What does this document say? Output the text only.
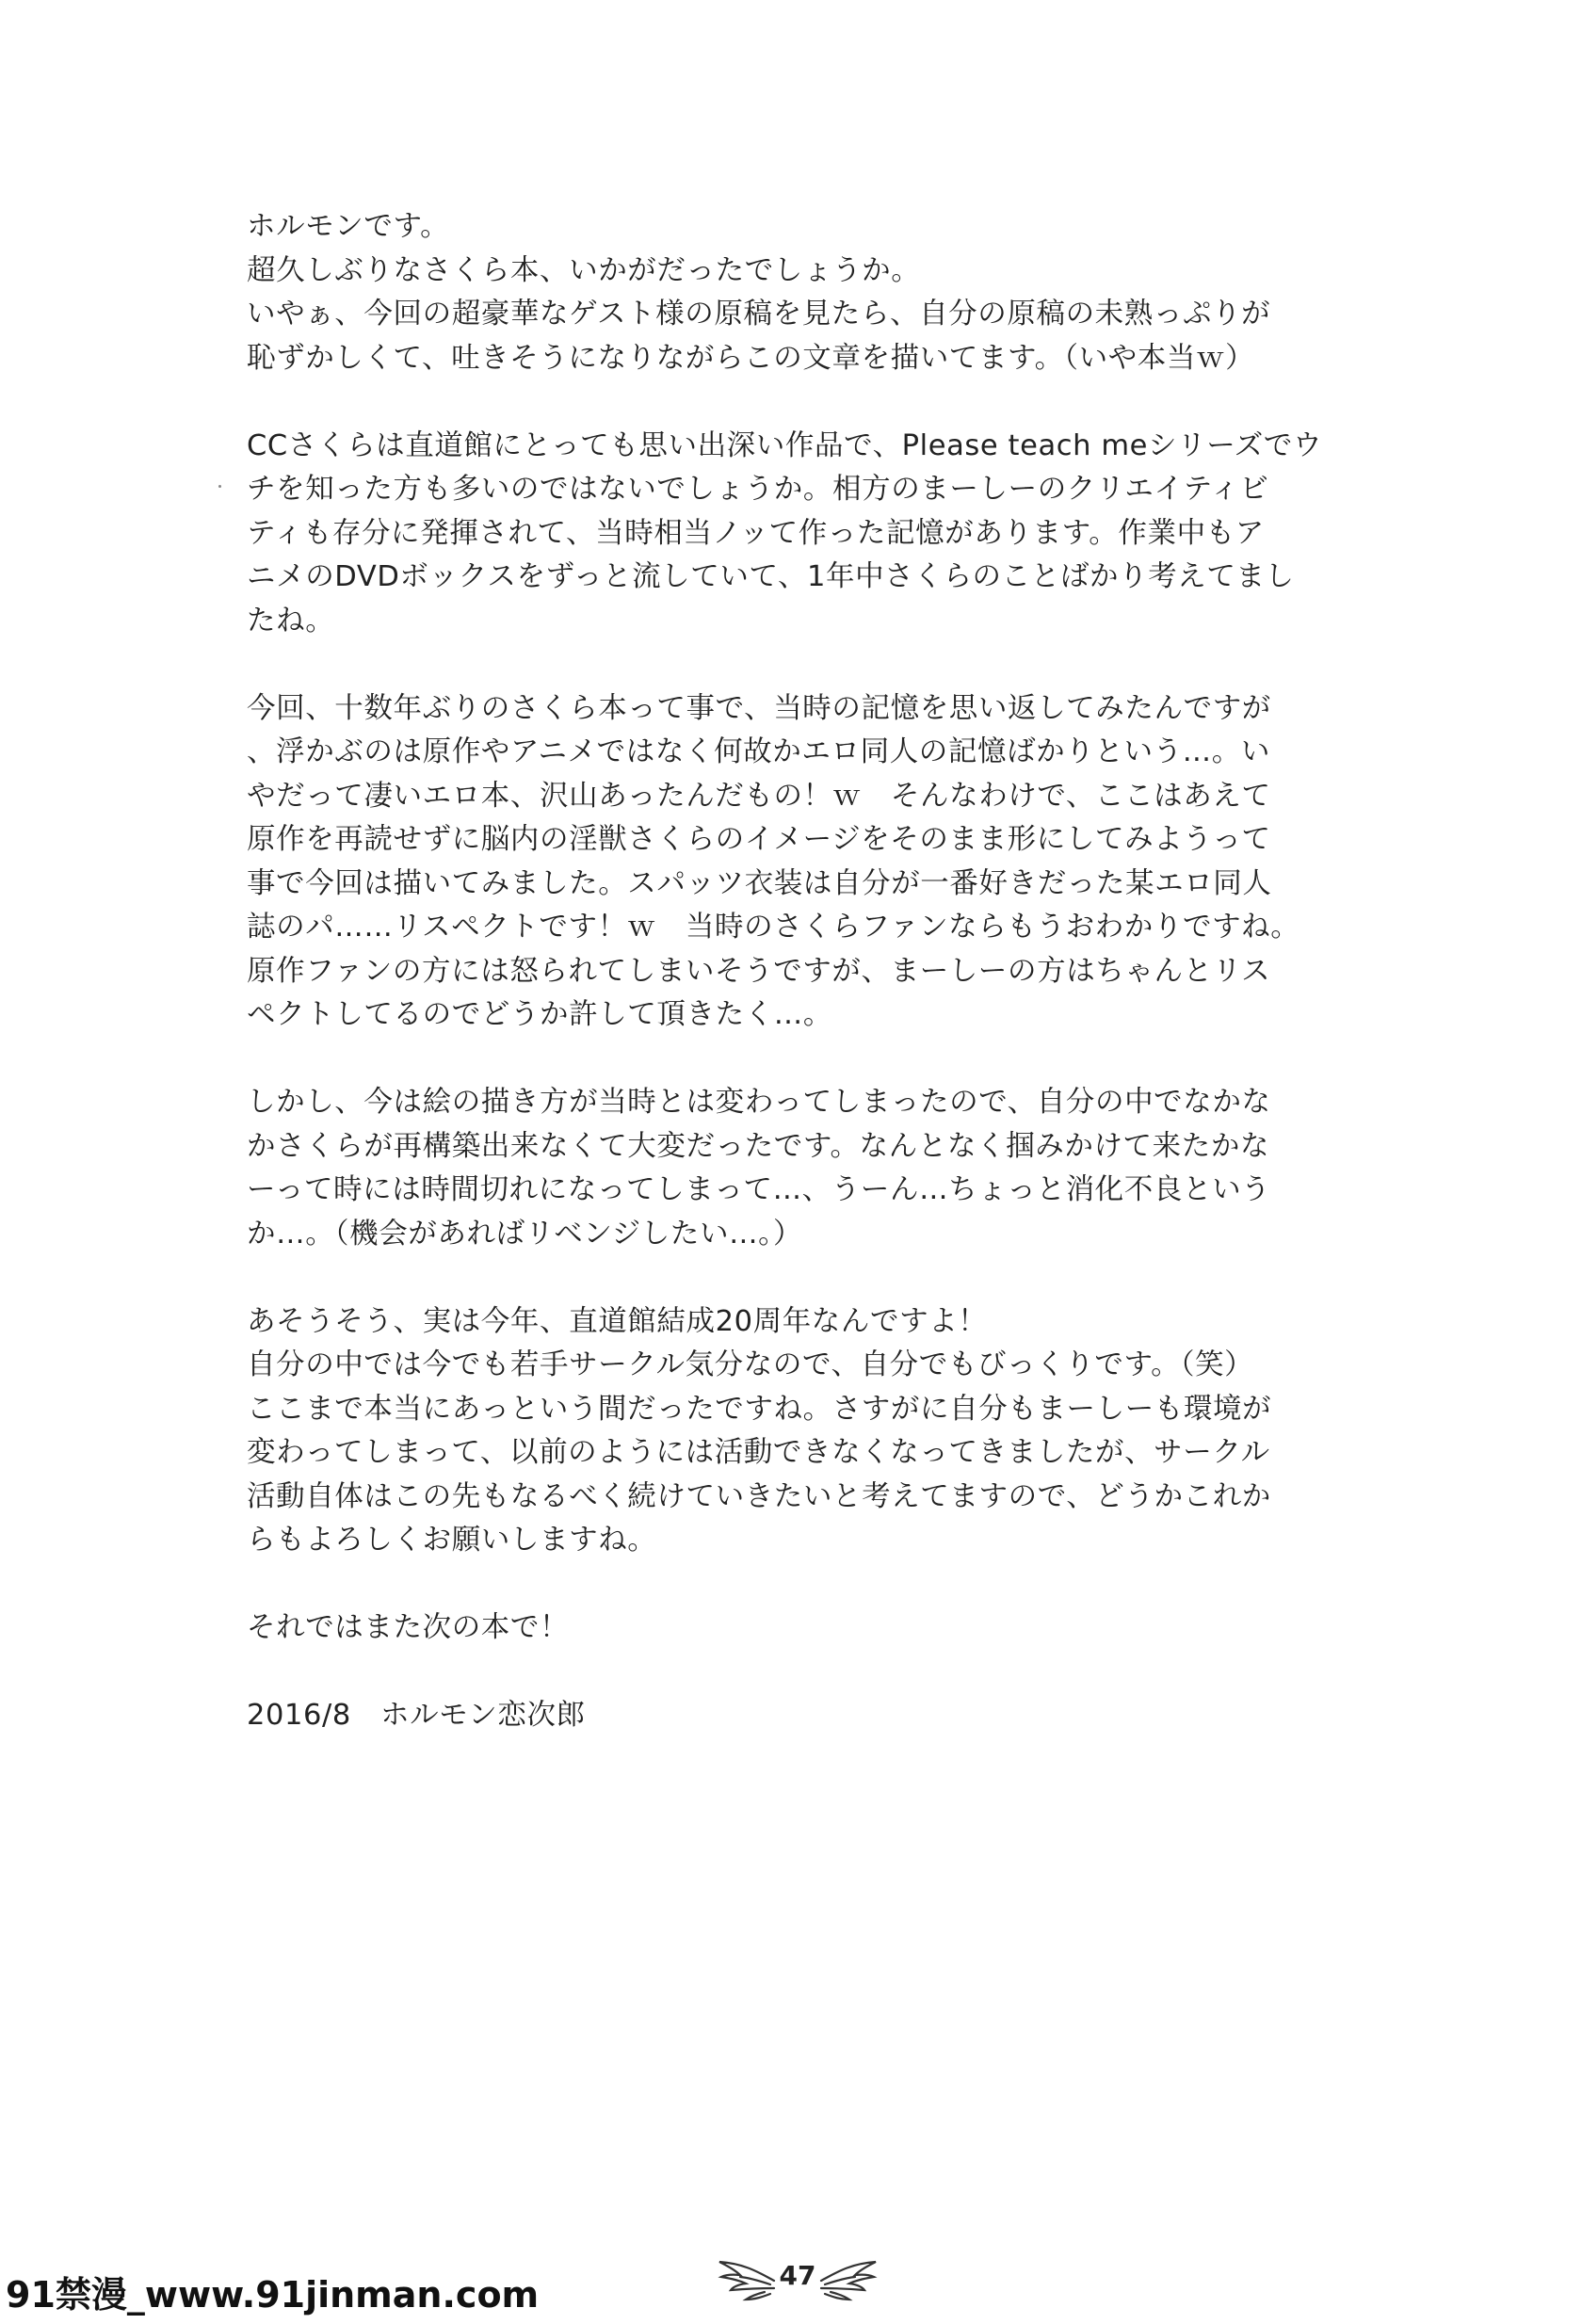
ホルモンです。
超久しぶりなさくら本、いかがだったでしょうか。
いやぁ、今回の超豪華なゲスト様の原稿を見たら、自分の原稿の未熟っぷりが
恥ずかしくて、吐きそうになりながらこの文章を描いてます。（いや本当ｗ）
CCさくらは直道館にとっても思い出深い作品で、Please teach meシリーズでウ
チを知った方も多いのではないでしょうか。相方のまーしーのクリエイティビ
ティも存分に発揮されて、当時相当ノッて作った記憶があります。作業中もア
ニメのDVDボックスをずっと流していて、1年中さくらのことばかり考えてまし
たね。
今回、十数年ぶりのさくら本って事で、当時の記憶を思い返してみたんですが
、浮かぶのは原作やアニメではなく何故かエロ同人の記憶ばかりという…。い
やだって凄いエロ本、沢山あったんだもの！ｗ　そんなわけで、ここはあえて
原作を再読せずに脳内の淫獣さくらのイメージをそのまま形にしてみようって
事で今回は描いてみました。スパッツ衣装は自分が一番好きだった某エロ同人
誌のパ……リスペクトです！ｗ　当時のさくらファンならもうおわかりですね。
原作ファンの方には怒られてしまいそうですが、まーしーの方はちゃんとリス
ペクトしてるのでどうか許して頂きたく…。
しかし、今は絵の描き方が当時とは変わってしまったので、自分の中でなかな
かさくらが再構築出来なくて大変だったです。なんとなく掴みかけて来たかな
ーって時には時間切れになってしまって…、うーん…ちょっと消化不良という
か…。（機会があればリベンジしたい…。）
あそうそう、実は今年、直道館結成20周年なんですよ！
自分の中では今でも若手サークル気分なので、自分でもびっくりです。（笑）
ここまで本当にあっという間だったですね。さすがに自分もまーしーも環境が
変わってしまって、以前のようには活動できなくなってきましたが、サークル
活動自体はこの先もなるべく続けていきたいと考えてますので、どうかこれか
らもよろしくお願いしますね。
それではまた次の本で！
2016/8　ホルモン恋次郎
47
91禁漫_www.91jinman.com
